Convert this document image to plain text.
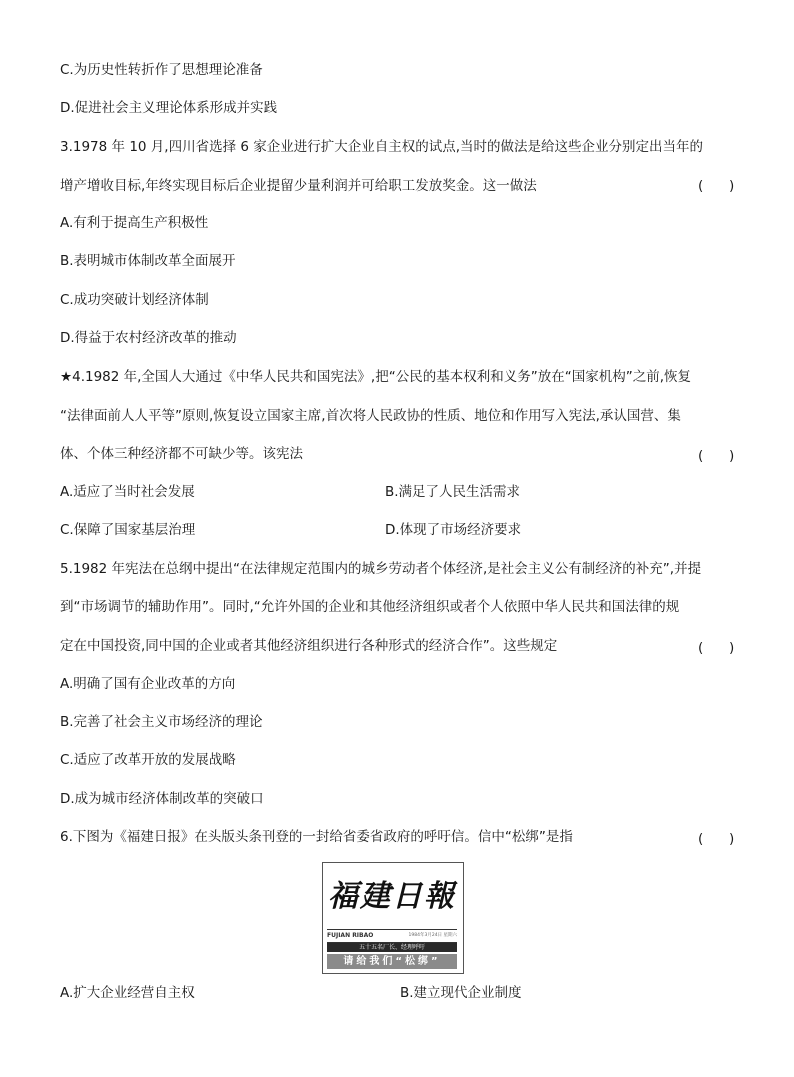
C.为历史性转折作了思想理论准备
D.促进社会主义理论体系形成并实践
3.1978 年 10 月,四川省选择 6 家企业进行扩大企业自主权的试点,当时的做法是给这些企业分别定出当年的
增产增收目标,年终实现目标后企业提留少量利润并可给职工发放奖金。这一做法	(      )
A.有利于提高生产积极性
B.表明城市体制改革全面展开
C.成功突破计划经济体制
D.得益于农村经济改革的推动
★4.1982 年,全国人大通过《中华人民共和国宪法》,把“公民的基本权利和义务”放在“国家机构”之前,恢复
“法律面前人人平等”原则,恢复设立国家主席,首次将人民政协的性质、地位和作用写入宪法,承认国营、集
体、个体三种经济都不可缺少等。该宪法	(      )
A.适应了当时社会发展	B.满足了人民生活需求
C.保障了国家基层治理	D.体现了市场经济要求
5.1982 年宪法在总纲中提出“在法律规定范围内的城乡劳动者个体经济,是社会主义公有制经济的补充”,并提
到“市场调节的辅助作用”。同时,“允许外国的企业和其他经济组织或者个人依照中华人民共和国法律的规
定在中国投资,同中国的企业或者其他经济组织进行各种形式的经济合作”。这些规定	(      )
A.明确了国有企业改革的方向
B.完善了社会主义市场经济的理论
C.适应了改革开放的发展战略
D.成为城市经济体制改革的突破口
6.下图为《福建日报》在头版头条刊登的一封给省委省政府的呼吁信。信中“松绑”是指	(      )
福建日報
FUJIAN RIBAO	1984年3月24日 星期六
五十五名厂长、经理呼吁
请给我们“松绑”
A.扩大企业经营自主权	B.建立现代企业制度
